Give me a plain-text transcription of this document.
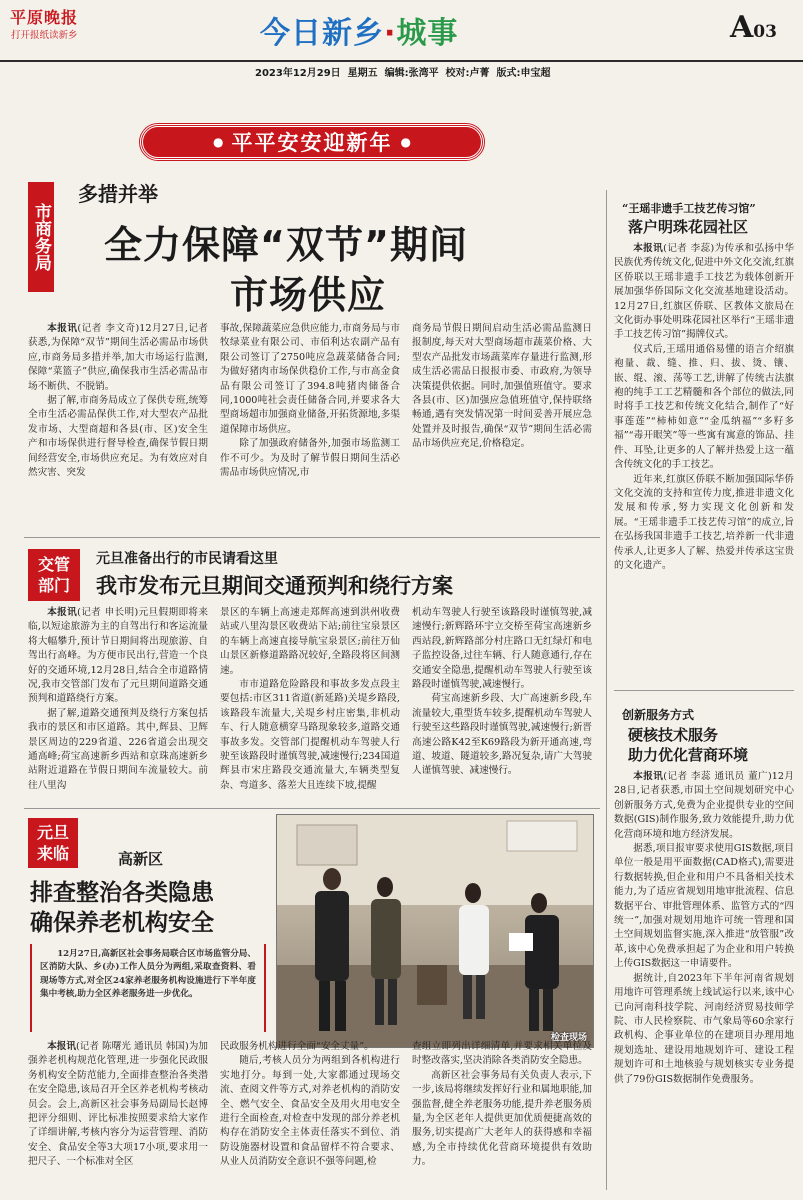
平原晚报
打开报纸读新乡	今日新乡·城事	A03
2023年12月29日  星期五  编辑:张湾平  校对:卢菁  版式:申宝超
● 平平安安迎新年 ●
市商务局
多措并举
全力保障“双节”期间
市场供应

本报讯(记者 李文奇)12月27日,记者获悉,为保障“双节”期间生活必需品市场供应,市商务局多措并举,加大市场运行监测,保障“菜篮子”供应,确保我市生活必需品市场不断供、不脱销。

据了解,市商务局成立了保供专班,统筹全市生活必需品保供工作,对大型农产品批发市场、大型商超和各县(市、区)安全生产和市场保供进行督导检查,确保节假日期间经营安全,市场供应充足。为有效应对自然灾害、突发

事故,保障蔬菜应急供应能力,市商务局与市牧绿菜业有限公司、市佰利达农副产品有限公司签订了2750吨应急蔬菜储备合同;为做好猪肉市场保供稳价工作,与市高金食品有限公司签订了394.8吨猪肉储备合同,1000吨社会责任储备合同,并要求各大型商场超市加强商业储备,开拓货源地,多渠道保障市场供应。

除了加强政府储备外,加强市场监测工作不可少。为及时了解节假日期间生活必需品市场供应情况,市

商务局节假日期间启动生活必需品监测日报制度,每天对大型商场超市蔬菜价格、大型农产品批发市场蔬菜库存量进行监测,形成生活必需品日报报市委、市政府,为领导决策提供依据。同时,加强值班值守。要求各县(市、区)加强应急值班值守,保持联络畅通,遇有突发情况第一时间妥善开展应急处置并及时报告,确保“双节”期间生活必需品市场供应充足,价格稳定。

交管部门
元旦准备出行的市民请看这里
我市发布元旦期间交通预判和绕行方案

本报讯(记者 申长明)元旦假期即将来临,以短途旅游为主的自驾出行和客运流量将大幅攀升,预计节日期间将出现旅游、自驾出行高峰。为方便市民出行,营造一个良好的交通环境,12月28日,结合全市道路情况,我市交管部门发布了元旦期间道路交通预判和道路绕行方案。

据了解,道路交通预判及绕行方案包括我市的景区和市区道路。其中,辉县、卫辉景区周边的229省道、226省道会出现交通高峰;荷宝高速新乡西站和京珠高速新乡站附近道路在节假日期间车流量较大。前往八里沟

景区的车辆上高速走郑辉高速到洪州收费站或八里沟景区收费站下站;前往宝泉景区的车辆上高速直接导航宝泉景区;前往万仙山景区新修道路路况较好,全路段将区间测速。

市市道路危险路段和事故多发点段主要包括:市区311省道(新延路)关堤乡路段,该路段车流量大,关堤乡村庄密集,非机动车、行人随意横穿马路现象较多,道路交通事故多发。交管部门提醒机动车驾驶人行驶至该路段时谨慎驾驶,减速慢行;234国道辉县市宋庄路段交通流量大,车辆类型复杂、弯道多、落差大且连续下坡,提醒

机动车驾驶人行驶至该路段时谨慎驾驶,减速慢行;新辉路环宇立交桥至荷宝高速新乡西站段,新辉路部分村庄路口无红绿灯和电子监控设备,过往车辆、行人随意通行,存在交通安全隐患,提醒机动车驾驶人行驶至该路段时谨慎驾驶,减速慢行。

荷宝高速新乡段、大广高速新乡段,车流量较大,重型货车较多,提醒机动车驾驶人行驶至这些路段时谨慎驾驶,减速慢行;新晋高速公路K42至K69路段为新开通高速,弯道、坡道、隧道较多,路况复杂,请广大驾驶人谨慎驾驶、减速慢行。

元旦来临	高新区
排查整治各类隐患
确保养老机构安全
12月27日,高新区社会事务局联合区市场监管分局、区消防大队、乡(办)工作人员分为两组,采取查资料、看现场等方式,对全区24家养老服务机构设施进行下半年度集中考核,助力全区养老服务进一步优化。
检查现场

本报讯(记者 陈曙光 通讯员 韩国)为加强养老机构规范化管理,进一步强化民政服务机构安全防范能力,全面排查整治各类潜在安全隐患,该局召开全区养老机构考核动员会。会上,高新区社会事务局副局长赵博把评分细则、评比标准按照要求给大家作了详细讲解,考核内容分为运营管理、消防安全、食品安全等3大项17小项,要求用一把尺子、一个标准对全区

民政服务机构进行全面“安全丈量”。

随后,考核人员分为两组到各机构进行实地打分。每到一处,大家都通过现场交流、查阅文件等方式,对养老机构的消防安全、燃气安全、食品安全及用火用电安全进行全面检查,对检查中发现的部分养老机构存在消防安全主体责任落实不到位、消防设施器材设置和食品留样不符合要求、从业人员消防安全意识不强等问题,检

查组立即列出详细清单,并要求相关单位及时整改落实,坚决消除各类消防安全隐患。

高新区社会事务局有关负责人表示,下一步,该局将继续发挥好行业和属地职能,加强监督,健全养老服务功能,提升养老服务质量,为全区老年人提供更加优质便捷高效的服务,切实提高广大老年人的获得感和幸福感,为全市持续优化营商环境提供有效助力。

“王瑶非遗手工技艺传习馆”
落户明珠花园社区

本报讯(记者 李蕊)为传承和弘扬中华民族优秀传统文化,促进中外文化交流,红旗区侨联以王瑶非遗手工技艺为载体创新开展加强华侨国际文化交流基地建设活动。12月27日,红旗区侨联、区教体文旅局在文化街办事处明珠花园社区举行“王瑶非遗手工技艺传习馆”揭牌仪式。

仪式后,王瑶用通俗易懂的语言介绍旗袍量、裁、缝、推、归、拔、烫、镶、嵌、绲、滚、荡等工艺,讲解了传统古法旗袍的纯手工工艺精髓和各个部位的做法,同时将手工技艺和传统文化结合,制作了“好事莲莲”“柿柿如意”“金瓜纳福”“多籽多福”“毒开眼笑”等一些寓有寓意的饰品、挂件、耳坠,让更多的人了解并热爱上这一蕴含传统文化的手工技艺。

近年来,红旗区侨联不断加强国际华侨文化交流的支持和宣传力度,推进非遗文化发展和传承,努力实现文化创新和发展。“王瑶非遗手工技艺传习馆”的成立,旨在弘扬我国非遗手工技艺,培养新一代非遗传承人,让更多人了解、热爱并传承这宝贵的文化遗产。

创新服务方式
硬核技术服务
助力优化营商环境

本报讯(记者 李蕊 通讯员 董广)12月28日,记者获悉,市国土空间规划研究中心创新服务方式,免费为企业提供专业的空间数据(GIS)制作服务,致力效能提升,助力优化营商环境和地方经济发展。

据悉,项目报审要求使用GIS数据,项目单位一般是用平面数据(CAD格式),需要进行数据转换,但企业和用户不具备相关技术能力,为了适应省规划用地审批流程、信息数据平台、审批管理体系、监管方式的“四统一”,加强对规划用地许可统一管理和国土空间规划监督实施,深入推进“放管服”改革,该中心免费承担起了为企业和用户转换上传GIS数据这一申请要件。

据统计,自2023年下半年河南省规划用地许可管理系统上线试运行以来,该中心已向河南科技学院、河南经济贸易技师学院、市人民检察院、市气象局等60余家行政机构、企事业单位的在建项目办理用地规划选址、建设用地规划许可、建设工程规划许可和土地核验与规划核实专业务提供了79份GIS数据制作免费服务。
